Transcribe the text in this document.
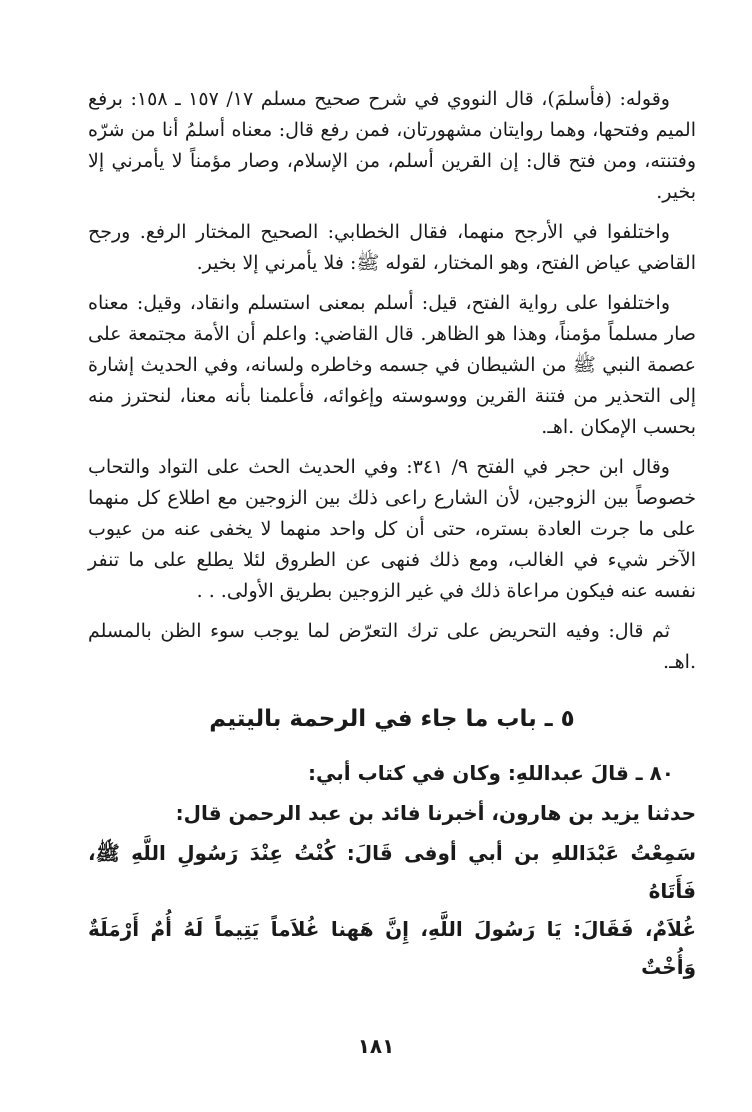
وقوله: (فأسلمَ)، قال النووي في شرح صحيح مسلم ١٧/ ١٥٧ ـ ١٥٨: برفع الميم وفتحها، وهما روايتان مشهورتان، فمن رفع قال: معناه أسلمُ أنا من شرّه وفتنته، ومن فتح قال: إن القرين أسلم، من الإسلام، وصار مؤمناً لا يأمرني إلا بخير.

واختلفوا في الأرجح منهما، فقال الخطابي: الصحيح المختار الرفع. ورجح القاضي عياض الفتح، وهو المختار، لقوله ﷺ: فلا يأمرني إلا بخير.

واختلفوا على رواية الفتح، قيل: أسلم بمعنى استسلم وانقاد، وقيل: معناه صار مسلماً مؤمناً، وهذا هو الظاهر. قال القاضي: واعلم أن الأمة مجتمعة على عصمة النبي ﷺ من الشيطان في جسمه وخاطره ولسانه، وفي الحديث إشارة إلى التحذير من فتنة القرين ووسوسته وإغوائه، فأعلمنا بأنه معنا، لنحترز منه بحسب الإمكان .اهـ.

وقال ابن حجر في الفتح ٩/ ٣٤١: وفي الحديث الحث على التواد والتحاب خصوصاً بين الزوجين، لأن الشارع راعى ذلك بين الزوجين مع اطلاع كل منهما على ما جرت العادة بستره، حتى أن كل واحد منهما لا يخفى عنه من عيوب الآخر شيء في الغالب، ومع ذلك فنهى عن الطروق لئلا يطلع على ما تنفر نفسه عنه فيكون مراعاة ذلك في غير الزوجين بطريق الأولى. . .

ثم قال: وفيه التحريض على ترك التعرّض لما يوجب سوء الظن بالمسلم .اهـ.

٥ ـ باب ما جاء في الرحمة باليتيم

٨٠ ـ قالَ عبداللهِ: وكان في كتاب أبي:

حدثنا يزيد بن هارون، أخبرنا فائد بن عبد الرحمن قال:

سَمِعْتُ عَبْدَاللهِ بن أبي أوفى قَالَ: كُنْتُ عِنْدَ رَسُولِ اللَّهِ ﷺ، فَأَتَاهُ

غُلاَمٌ، فَقَالَ: يَا رَسُولَ اللَّهِ، إِنَّ هَهنا غُلاَماً يَتِيماً لَهُ أُمٌ أَرْمَلَةٌ وَأُخْتٌ

١٨١
